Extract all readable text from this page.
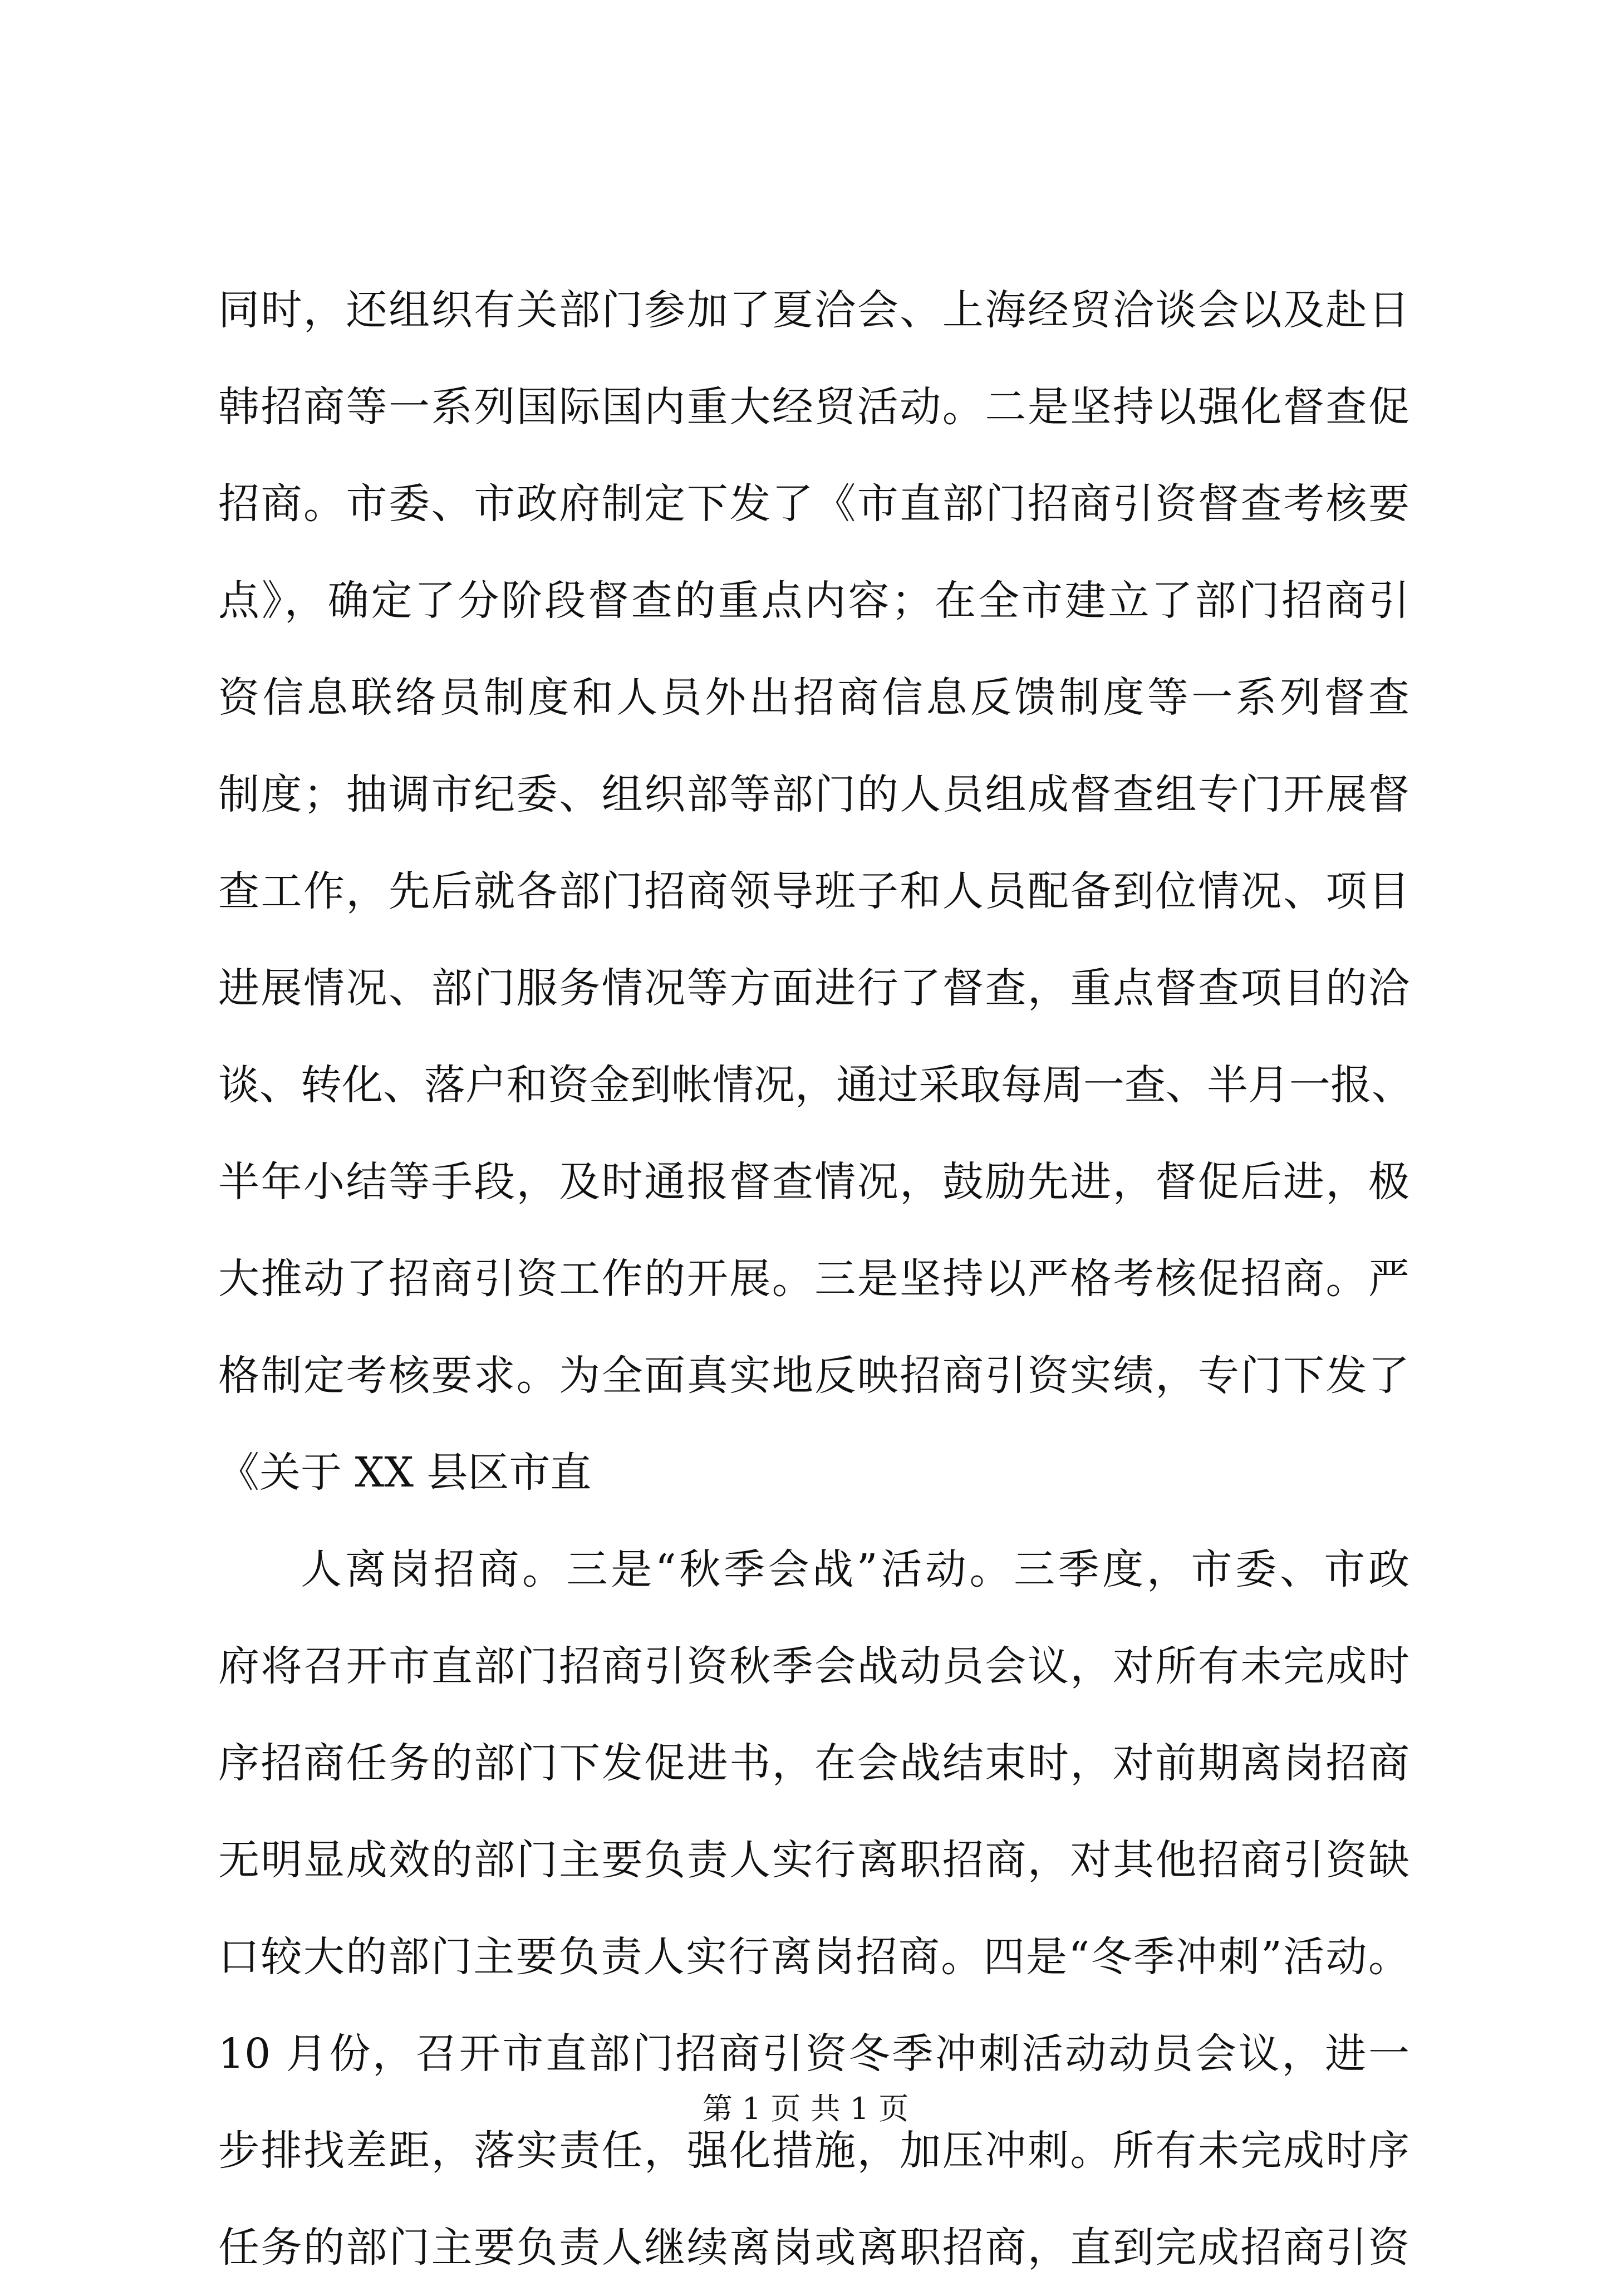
同时，还组织有关部门参加了夏洽会、上海经贸洽谈会以及赴日
韩招商等一系列国际国内重大经贸活动。二是坚持以强化督查促
招商。市委、市政府制定下发了《市直部门招商引资督查考核要
点》，确定了分阶段督查的重点内容；在全市建立了部门招商引
资信息联络员制度和人员外出招商信息反馈制度等一系列督查
制度；抽调市纪委、组织部等部门的人员组成督查组专门开展督
查工作，先后就各部门招商领导班子和人员配备到位情况、项目
进展情况、部门服务情况等方面进行了督查，重点督查项目的洽
谈、转化、落户和资金到帐情况，通过采取每周一查、半月一报、
半年小结等手段，及时通报督查情况，鼓励先进，督促后进，极
大推动了招商引资工作的开展。三是坚持以严格考核促招商。严
格制定考核要求。为全面真实地反映招商引资实绩，专门下发了
《关于 XX 县区市直
人离岗招商。三是“秋季会战”活动。三季度，市委、市政
府将召开市直部门招商引资秋季会战动员会议，对所有未完成时
序招商任务的部门下发促进书，在会战结束时，对前期离岗招商
无明显成效的部门主要负责人实行离职招商，对其他招商引资缺
口较大的部门主要负责人实行离岗招商。四是“冬季冲刺”活动。
10 月份，召开市直部门招商引资冬季冲刺活动动员会议，进一
步排找差距，落实责任，强化措施，加压冲刺。所有未完成时序
任务的部门主要负责人继续离岗或离职招商，直到完成招商引资
第 1 页 共 1 页
